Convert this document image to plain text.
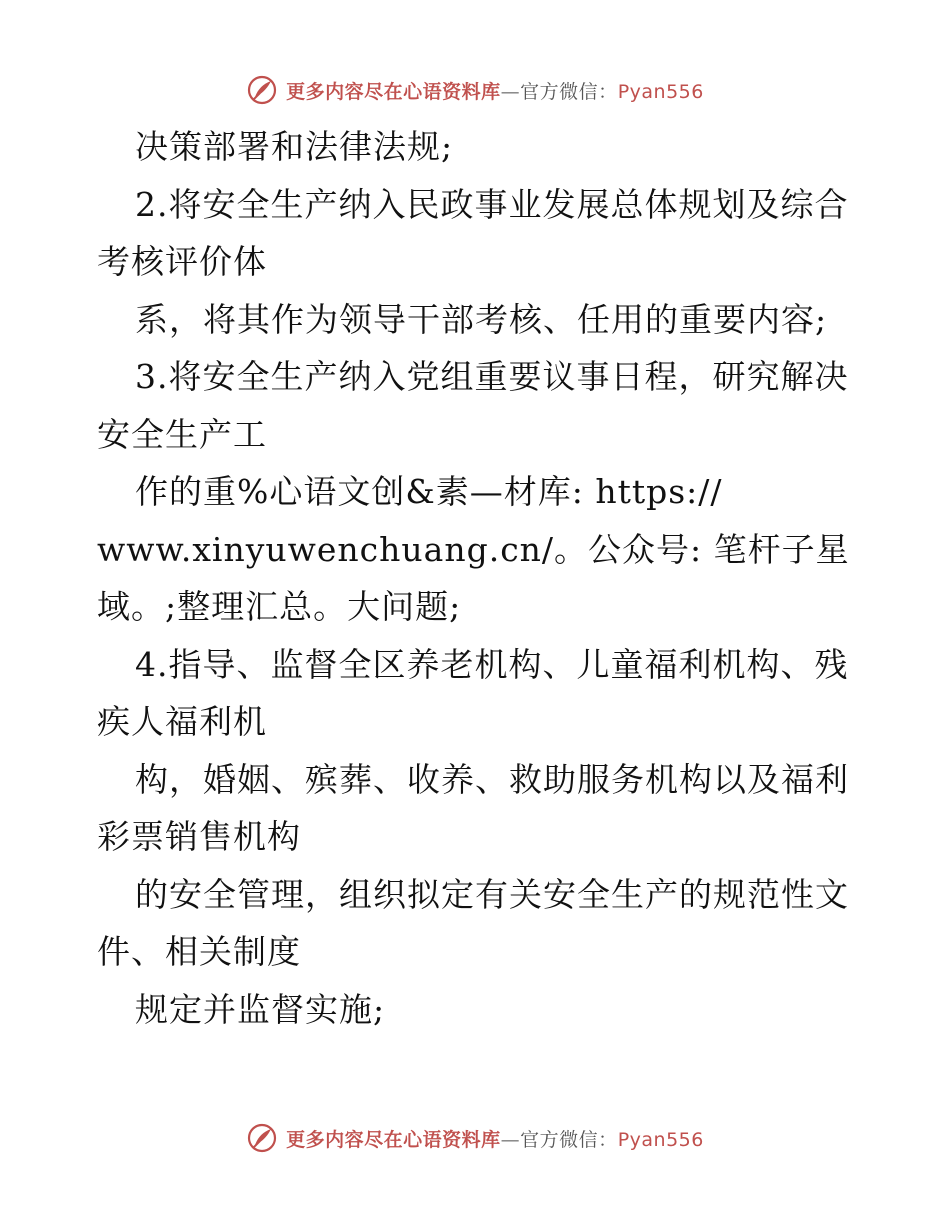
更多内容尽在心语资料库—官方微信：Pyan556
决策部署和法律法规;
2.将安全生产纳入民政事业发展总体规划及综合
考核评价体
系，将其作为领导干部考核、任用的重要内容;
3.将安全生产纳入党组重要议事日程，研究解决
安全生产工
作的重%心语文创&素—材库: https://
www.xinyuwenchuang.cn/。公众号: 笔杆子星
域。;整理汇总。大问题;
4.指导、监督全区养老机构、儿童福利机构、残
疾人福利机
构，婚姻、殡葬、收养、救助服务机构以及福利
彩票销售机构
的安全管理，组织拟定有关安全生产的规范性文
件、相关制度
规定并监督实施;
更多内容尽在心语资料库—官方微信：Pyan556
